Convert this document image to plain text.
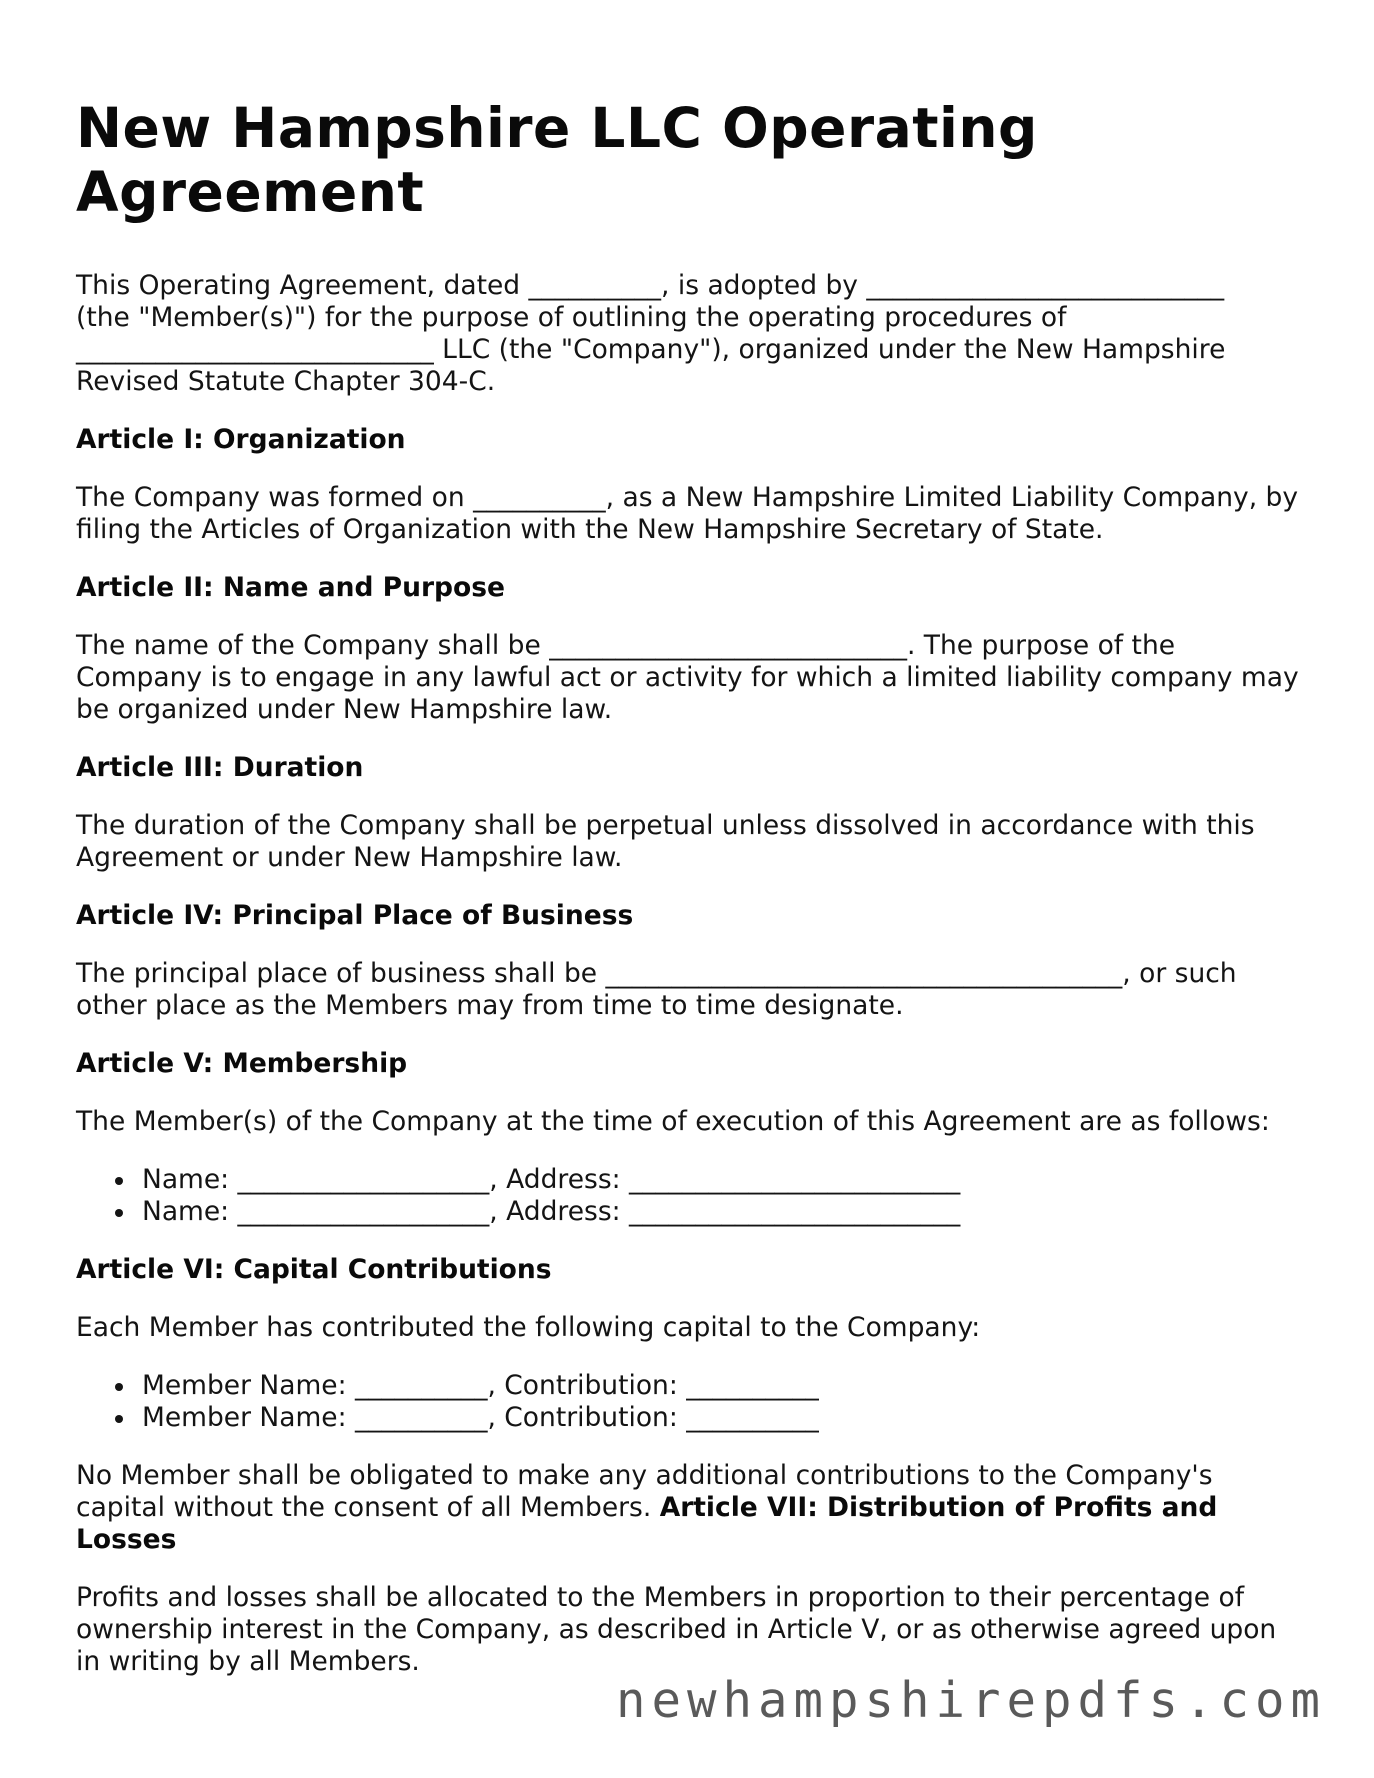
New Hampshire LLC Operating Agreement

This Operating Agreement, dated __________, is adopted by ___________________________ (the "Member(s)") for the purpose of outlining the operating procedures of ___________________________ LLC (the "Company"), organized under the New Hampshire Revised Statute Chapter 304-C.

Article I: Organization

The Company was formed on __________, as a New Hampshire Limited Liability Company, by filing the Articles of Organization with the New Hampshire Secretary of State.

Article II: Name and Purpose

The name of the Company shall be ___________________________. The purpose of the Company is to engage in any lawful act or activity for which a limited liability company may be organized under New Hampshire law.

Article III: Duration

The duration of the Company shall be perpetual unless dissolved in accordance with this Agreement or under New Hampshire law.

Article IV: Principal Place of Business

The principal place of business shall be _______________________________________, or such other place as the Members may from time to time designate.

Article V: Membership

The Member(s) of the Company at the time of execution of this Agreement are as follows:

Name: ___________________, Address: _________________________
Name: ___________________, Address: _________________________
Article VI: Capital Contributions

Each Member has contributed the following capital to the Company:

Member Name: __________, Contribution: __________
Member Name: __________, Contribution: __________

No Member shall be obligated to make any additional contributions to the Company's capital without the consent of all Members. Article VII: Distribution of Profits and Losses

Profits and losses shall be allocated to the Members in proportion to their percentage of ownership interest in the Company, as described in Article V, or as otherwise agreed upon in writing by all Members.

newhampshirepdfs.com
